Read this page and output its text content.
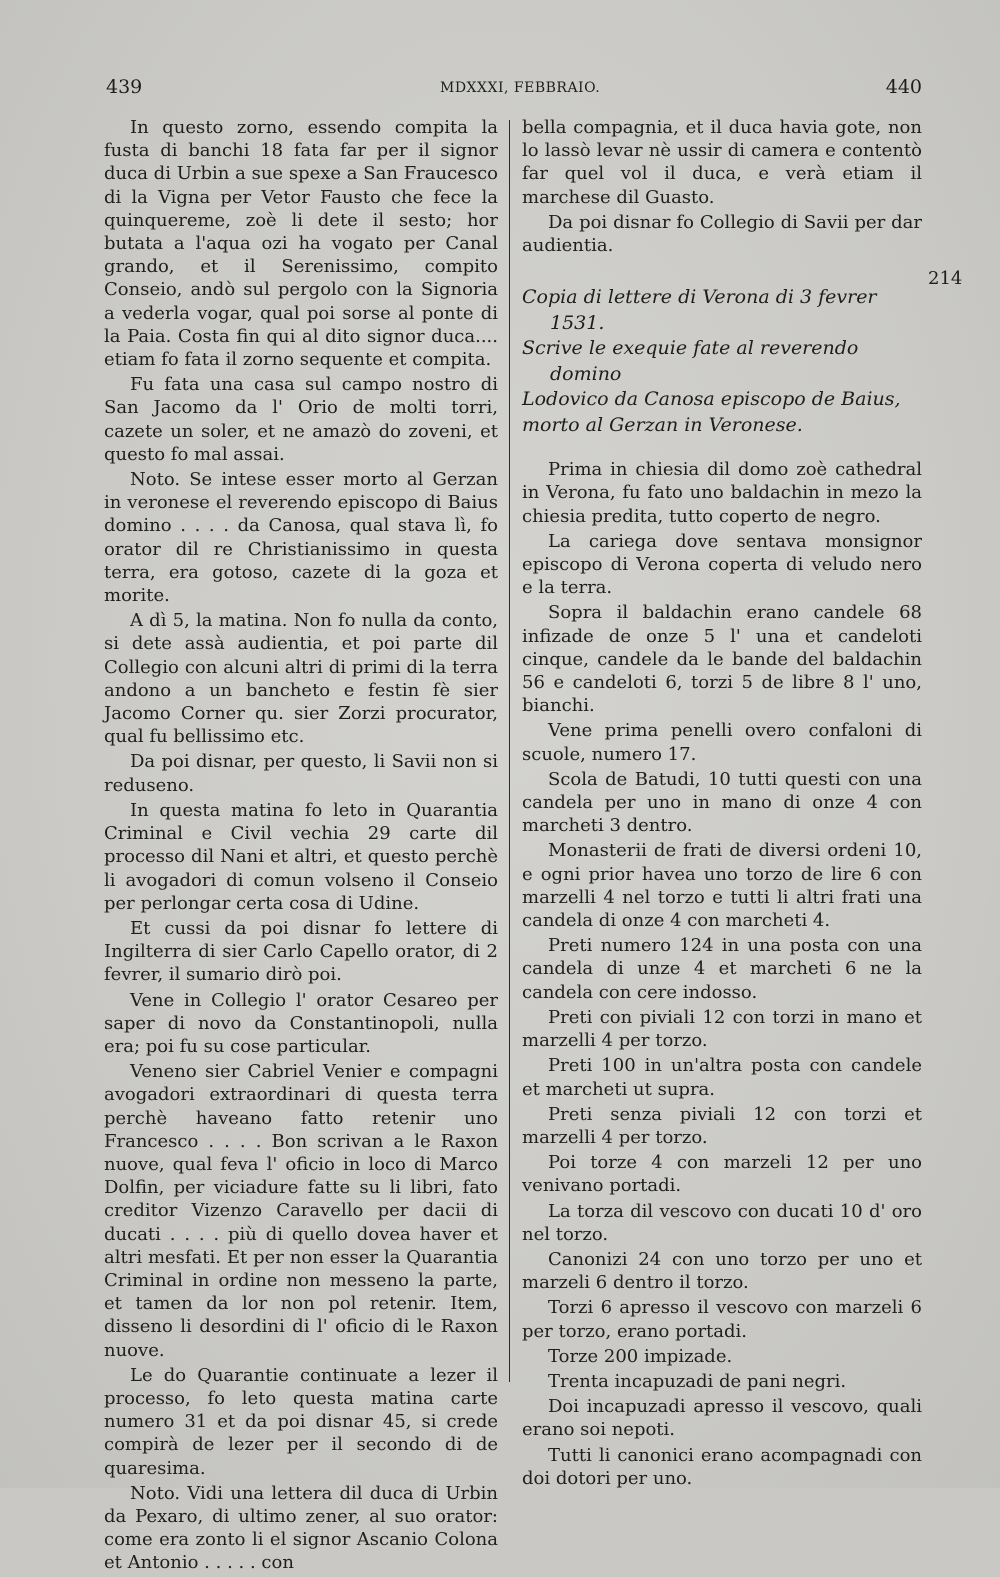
439	MDXXXI, FEBBRAIO.	440

In questo zorno, essendo compita la fusta di banchi 18 fata far per il signor duca di Urbin a sue spexe a San Fraucesco di la Vigna per Vetor Fausto che fece la quinquereme, zoè li dete il sesto; hor butata a l'aqua ozi ha vogato per Canal grando, et il Serenissimo, compito Conseio, andò sul pergolo con la Signoria a vederla vogar, qual poi sorse al ponte di la Paia. Costa fin qui al dito signor duca.... etiam fo fata il zorno sequente et compita.

Fu fata una casa sul campo nostro di San Jacomo da l' Orio de molti torri, cazete un soler, et ne amazò do zoveni, et questo fo mal assai.

Noto. Se intese esser morto al Gerzan in veronese el reverendo episcopo di Baius domino . . . . da Canosa, qual stava lì, fo orator dil re Christianissimo in questa terra, era gotoso, cazete di la goza et morite.

A dì 5, la matina. Non fo nulla da conto, si dete assà audientia, et poi parte dil Collegio con alcuni altri di primi di la terra andono a un bancheto e festin fè sier Jacomo Corner qu. sier Zorzi procurator, qual fu bellissimo etc.

Da poi disnar, per questo, li Savii non si reduseno.

In questa matina fo leto in Quarantia Criminal e Civil vechia 29 carte dil processo dil Nani et altri, et questo perchè li avogadori di comun volseno il Conseio per perlongar certa cosa di Udine.

Et cussi da poi disnar fo lettere di Ingilterra di sier Carlo Capello orator, di 2 fevrer, il sumario dirò poi.

Vene in Collegio l' orator Cesareo per saper di novo da Constantinopoli, nulla era; poi fu su cose particular.

Veneno sier Cabriel Venier e compagni avogadori extraordinari di questa terra perchè haveano fatto retenir uno Francesco . . . . Bon scrivan a le Raxon nuove, qual feva l' oficio in loco di Marco Dolfin, per viciadure fatte su li libri, fato creditor Vizenzo Caravello per dacii di ducati . . . . più di quello dovea haver et altri mesfati. Et per non esser la Quarantia Criminal in ordine non messeno la parte, et tamen da lor non pol retenir. Item, disseno li desordini di l' oficio di le Raxon nuove.

Le do Quarantie continuate a lezer il processo, fo leto questa matina carte numero 31 et da poi disnar 45, si crede compirà de lezer per il secondo di de quaresima.

Noto. Vidi una lettera dil duca di Urbin da Pexaro, di ultimo zener, al suo orator: come era zonto li el signor Ascanio Colona et Antonio . . . . . con

bella compagnia, et il duca havia gote, non lo lassò levar nè ussir di camera e contentò far quel vol il duca, e verà etiam il marchese dil Guasto.

Da poi disnar fo Collegio di Savii per dar audientia.

Copia di lettere di Verona di 3 fevrer 1531.
Scrive le exequie fate al reverendo domino
Lodovico da Canosa episcopo de Baius,
morto al Gerzan in Veronese.

Prima in chiesia dil domo zoè cathedral in Verona, fu fato uno baldachin in mezo la chiesia predita, tutto coperto de negro.

La cariega dove sentava monsignor episcopo di Verona coperta di veludo nero e la terra.

Sopra il baldachin erano candele 68 infizade de onze 5 l' una et candeloti cinque, candele da le bande del baldachin 56 e candeloti 6, torzi 5 de libre 8 l' uno, bianchi.

Vene prima penelli overo confaloni di scuole, numero 17.

Scola de Batudi, 10 tutti questi con una candela per uno in mano di onze 4 con marcheti 3 dentro.

Monasterii de frati de diversi ordeni 10, e ogni prior havea uno torzo de lire 6 con marzelli 4 nel torzo e tutti li altri frati una candela di onze 4 con marcheti 4.

Preti numero 124 in una posta con una candela di unze 4 et marcheti 6 ne la candela con cere indosso.

Preti con piviali 12 con torzi in mano et marzelli 4 per torzo.

Preti 100 in un'altra posta con candele et marcheti ut supra.

Preti senza piviali 12 con torzi et marzelli 4 per torzo.

Poi torze 4 con marzeli 12 per uno venivano portadi.

La torza dil vescovo con ducati 10 d' oro nel torzo.

Canonizi 24 con uno torzo per uno et marzeli 6 dentro il torzo.

Torzi 6 apresso il vescovo con marzeli 6 per torzo, erano portadi.

Torze 200 impizade.

Trenta incapuzadi de pani negri.

Doi incapuzadi apresso il vescovo, quali erano soi nepoti.

Tutti li canonici erano acompagnadi con doi dotori per uno.

214
